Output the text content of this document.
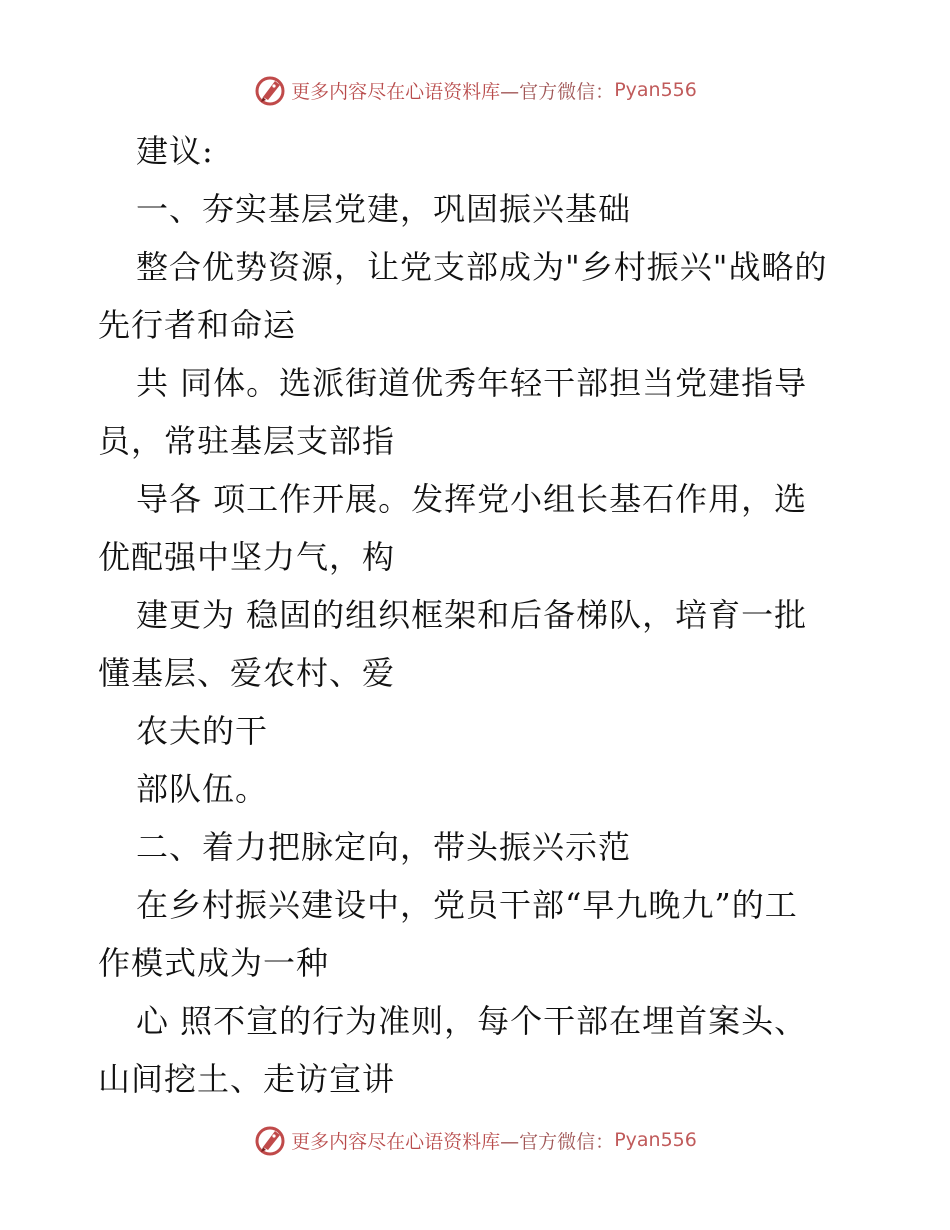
更多内容尽在心语资料库 —官方微信： Pyan556
建议:
一、夯实基层党建，巩固振兴基础
整合优势资源，让党支部成为"乡村振兴"战略的
先行者和命运
共 同体。选派街道优秀年轻干部担当党建指导
员，常驻基层支部指
导各 项工作开展。发挥党小组长基石作用，选
优配强中坚力气，构
建更为 稳固的组织框架和后备梯队，培育一批
懂基层、爱农村、爱
农夫的干
部队伍。
二、着力把脉定向，带头振兴示范
在乡村振兴建设中，党员干部“早九晚九”的工
作模式成为一种
心 照不宣的行为准则，每个干部在埋首案头、
山间挖土、走访宣讲
更多内容尽在心语资料库 —官方微信： Pyan556
